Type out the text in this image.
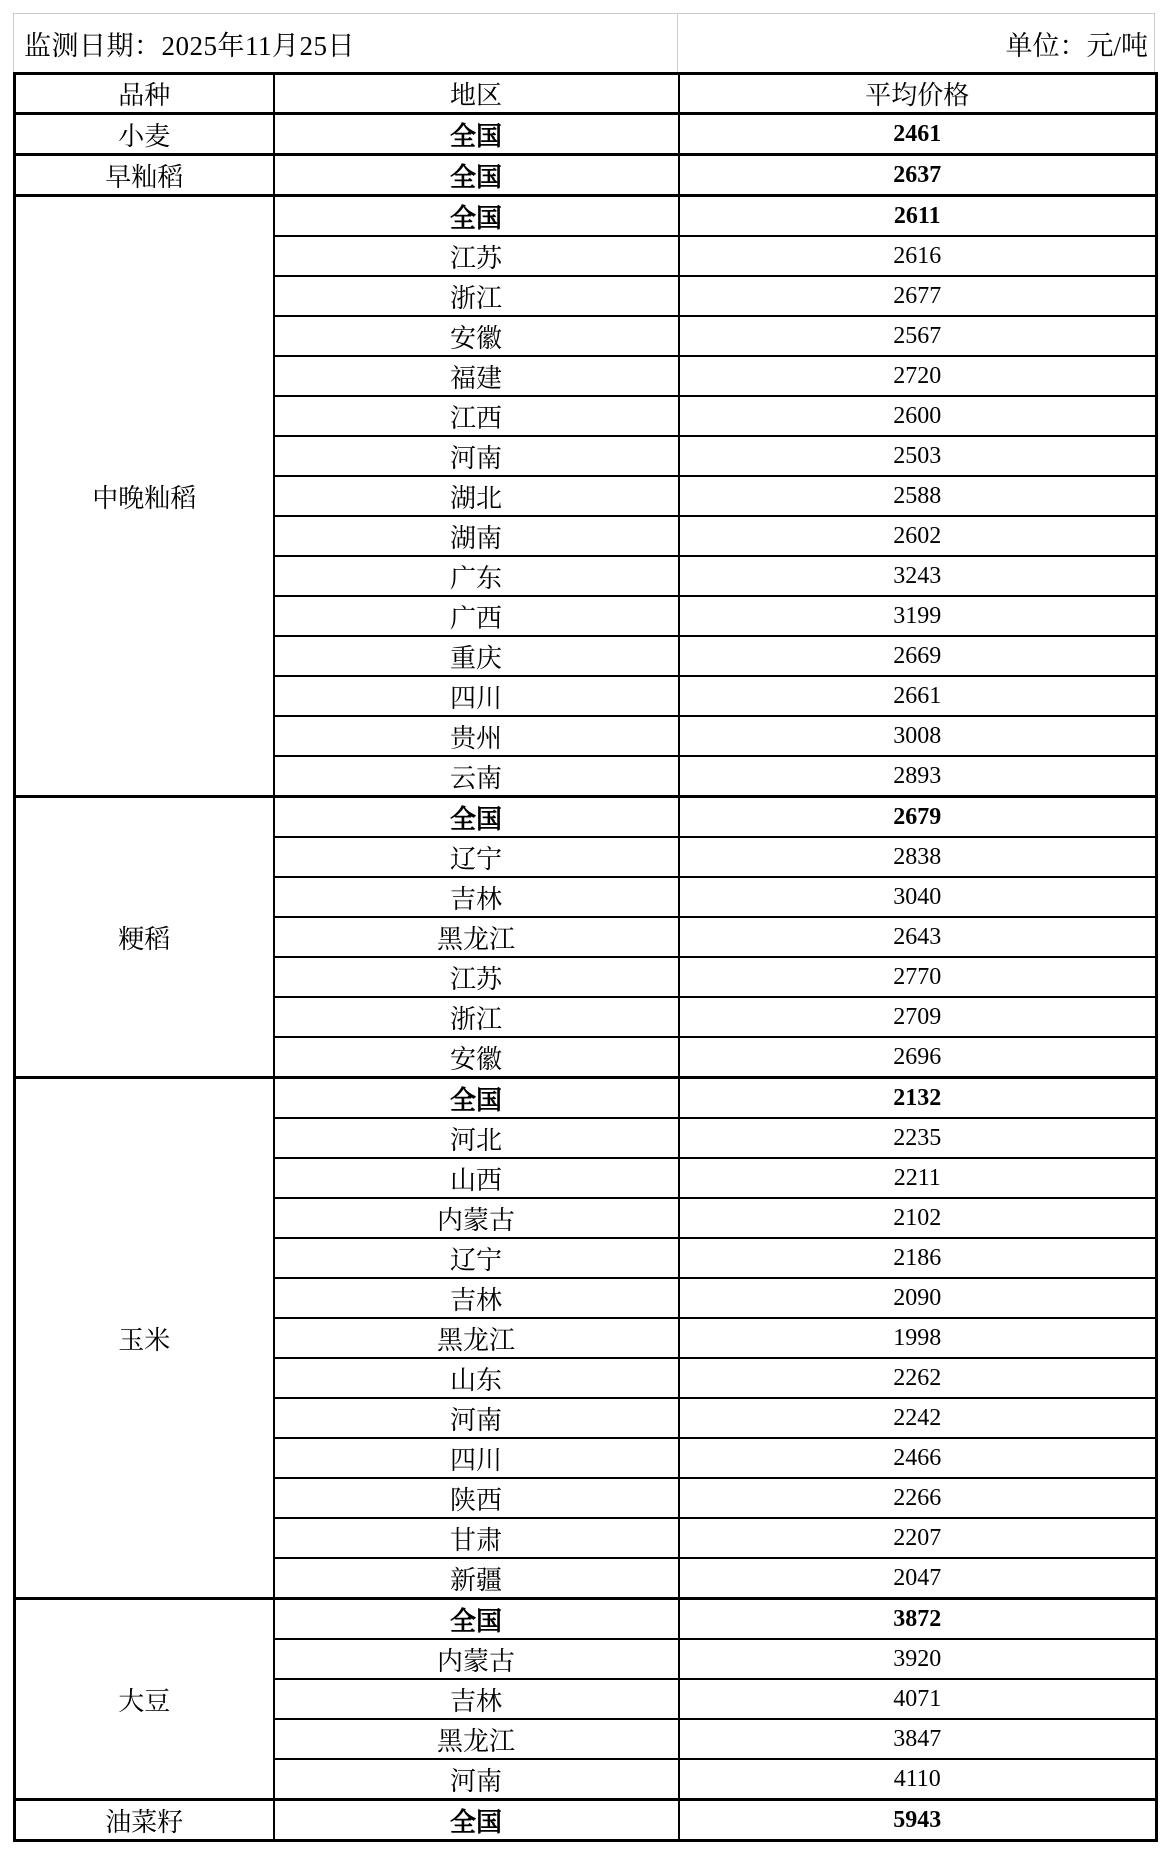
监测日期：2025年11月25日	单位：元/吨
品种	地区	平均价格
小麦	全国	2461
早籼稻	全国	2637
中晚籼稻	全国	2611
	江苏	2616
	浙江	2677
	安徽	2567
	福建	2720
	江西	2600
	河南	2503
	湖北	2588
	湖南	2602
	广东	3243
	广西	3199
	重庆	2669
	四川	2661
	贵州	3008
	云南	2893
粳稻	全国	2679
	辽宁	2838
	吉林	3040
	黑龙江	2643
	江苏	2770
	浙江	2709
	安徽	2696
玉米	全国	2132
	河北	2235
	山西	2211
	内蒙古	2102
	辽宁	2186
	吉林	2090
	黑龙江	1998
	山东	2262
	河南	2242
	四川	2466
	陕西	2266
	甘肃	2207
	新疆	2047
大豆	全国	3872
	内蒙古	3920
	吉林	4071
	黑龙江	3847
	河南	4110
油菜籽	全国	5943
